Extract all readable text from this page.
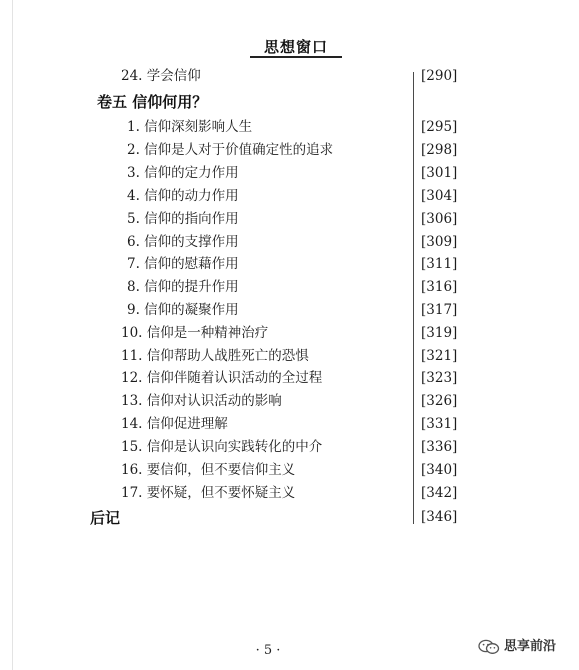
思想窗口
24. 学会信仰	[290]
卷五 信仰何用？
1. 信仰深刻影响人生	[295]
2. 信仰是人对于价值确定性的追求	[298]
3. 信仰的定力作用	[301]
4. 信仰的动力作用	[304]
5. 信仰的指向作用	[306]
6. 信仰的支撑作用	[309]
7. 信仰的慰藉作用	[311]
8. 信仰的提升作用	[316]
9. 信仰的凝聚作用	[317]
10. 信仰是一种精神治疗	[319]
11. 信仰帮助人战胜死亡的恐惧	[321]
12. 信仰伴随着认识活动的全过程	[323]
13. 信仰对认识活动的影响	[326]
14. 信仰促进理解	[331]
15. 信仰是认识向实践转化的中介	[336]
16. 要信仰，但不要信仰主义	[340]
17. 要怀疑，但不要怀疑主义	[342]
后记	[346]
· 5 ·	思享前沿
